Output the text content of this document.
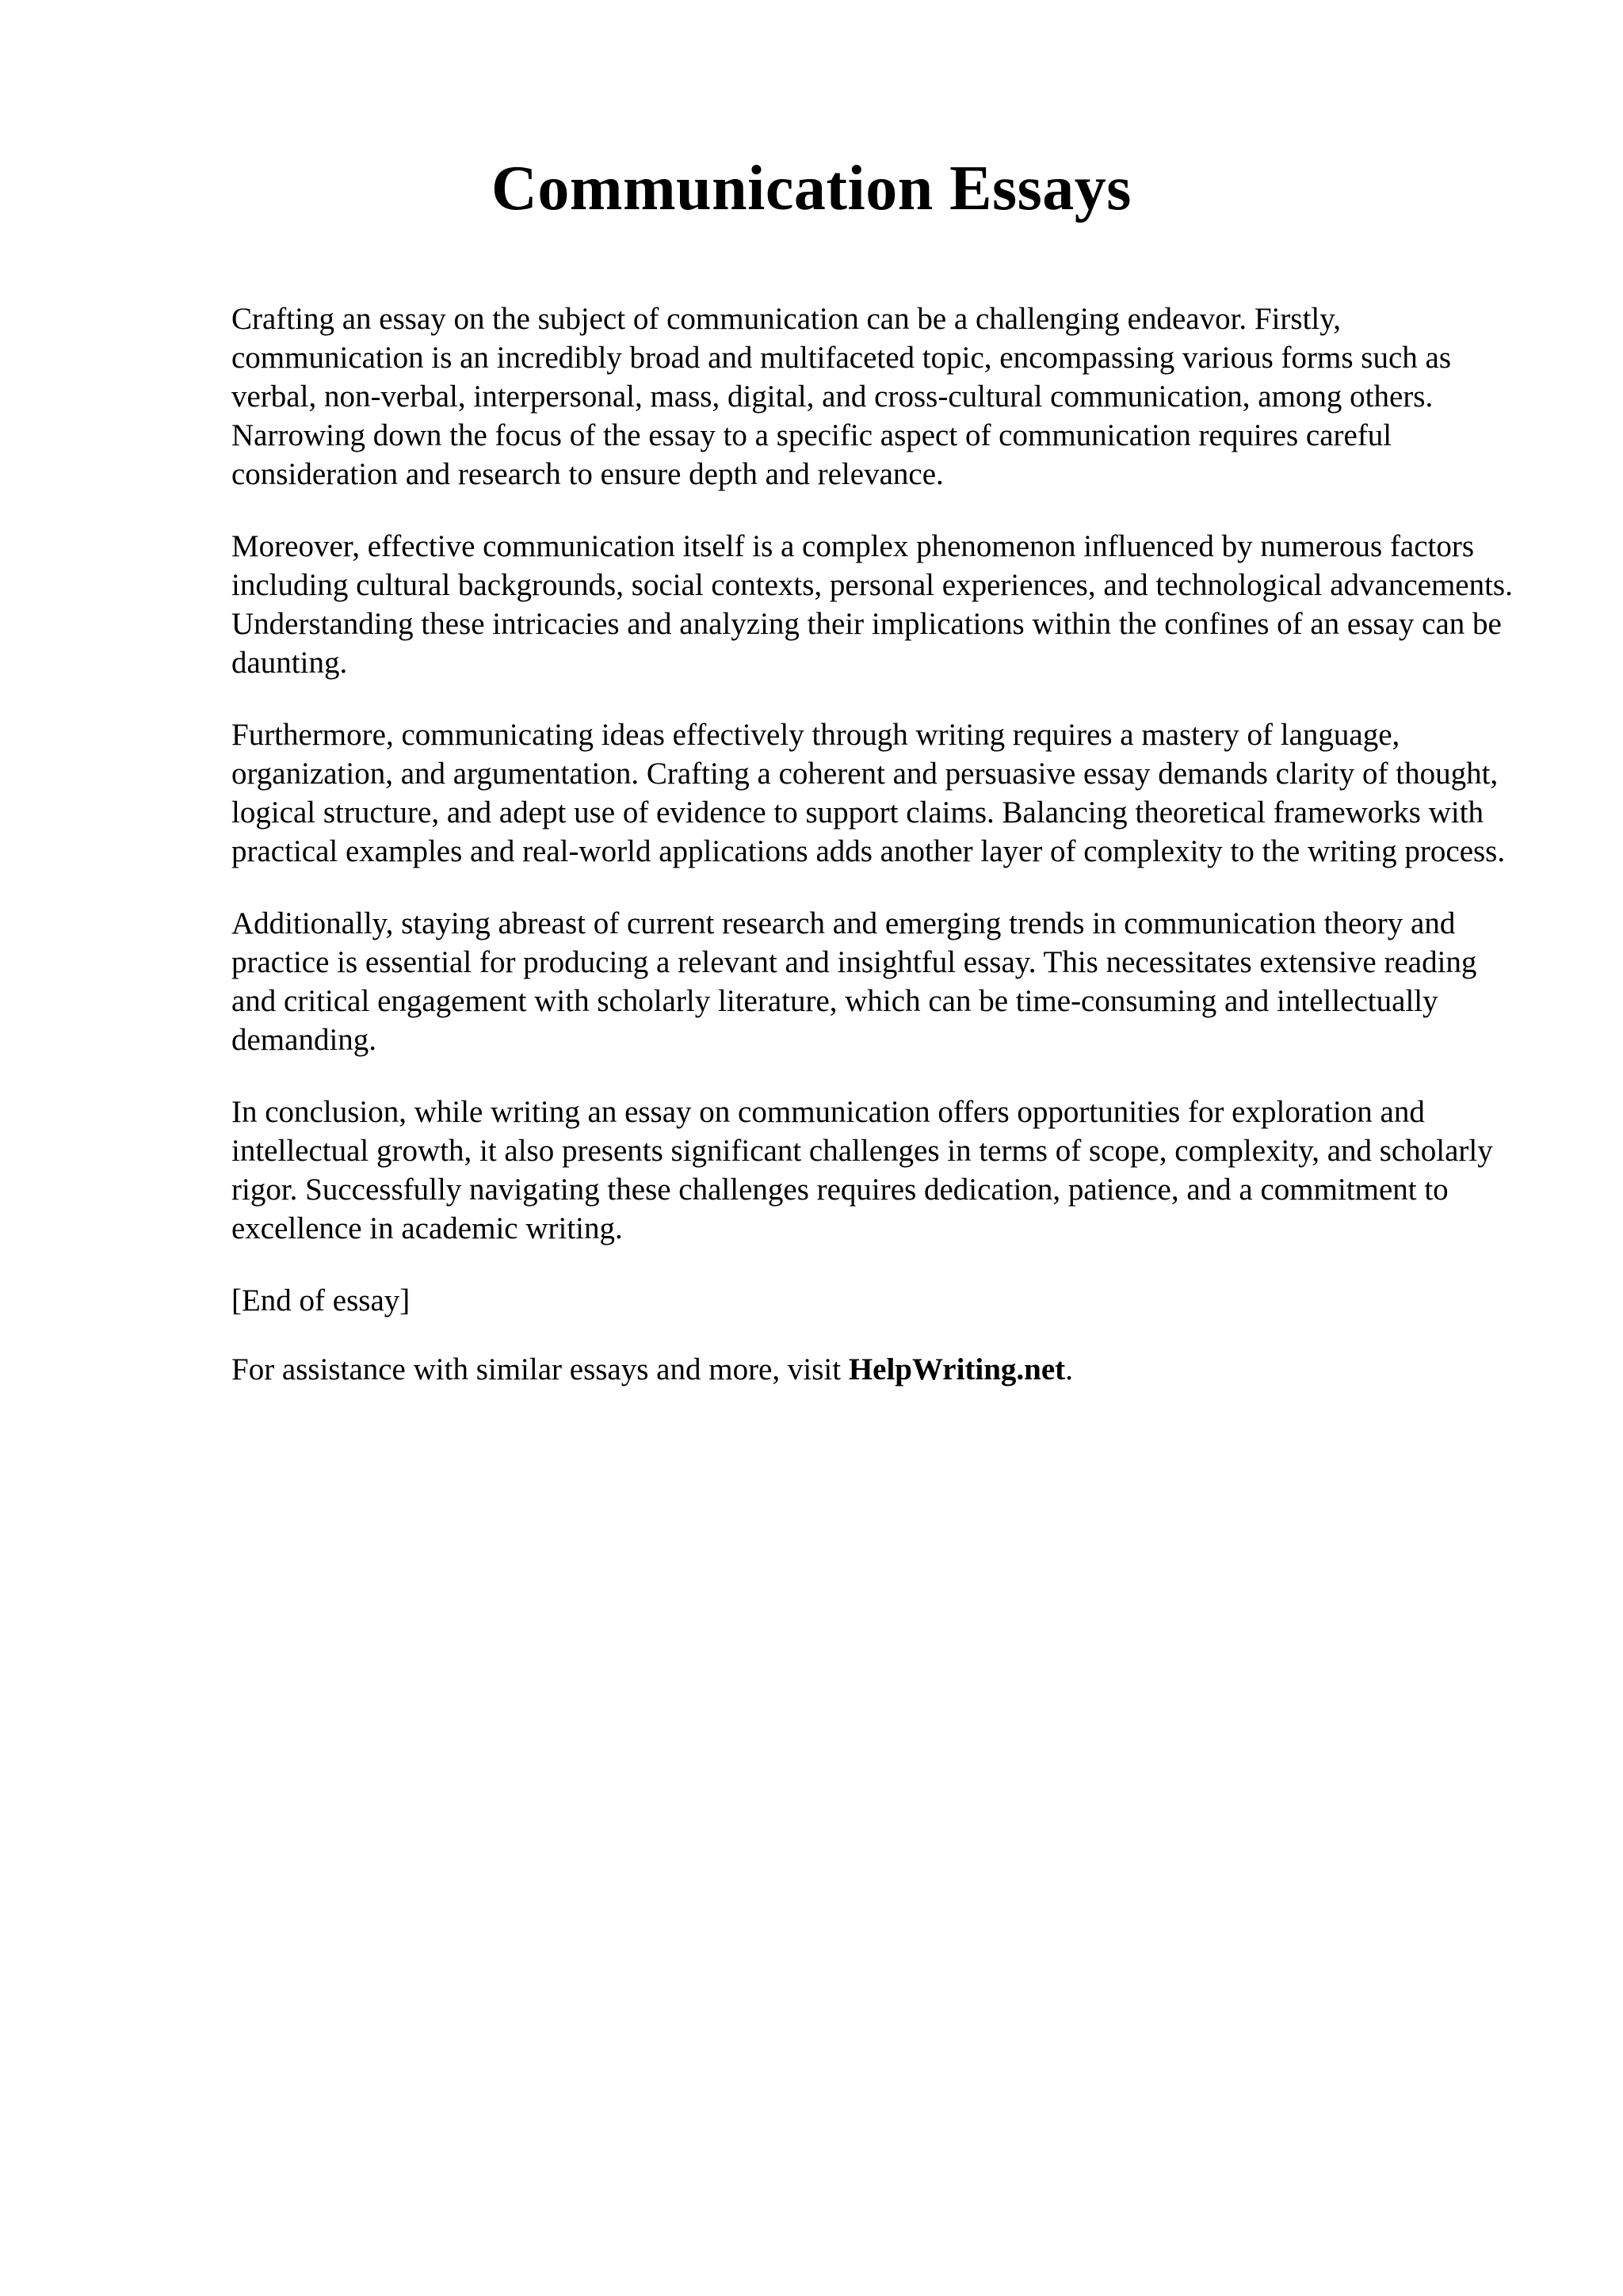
Communication Essays

Crafting an essay on the subject of communication can be a challenging endeavor. Firstly, communication is an incredibly broad and multifaceted topic, encompassing various forms such as verbal, non-verbal, interpersonal, mass, digital, and cross-cultural communication, among others. Narrowing down the focus of the essay to a specific aspect of communication requires careful consideration and research to ensure depth and relevance.

Moreover, effective communication itself is a complex phenomenon influenced by numerous factors including cultural backgrounds, social contexts, personal experiences, and technological advancements. Understanding these intricacies and analyzing their implications within the confines of an essay can be daunting.

Furthermore, communicating ideas effectively through writing requires a mastery of language, organization, and argumentation. Crafting a coherent and persuasive essay demands clarity of thought, logical structure, and adept use of evidence to support claims. Balancing theoretical frameworks with practical examples and real-world applications adds another layer of complexity to the writing process.

Additionally, staying abreast of current research and emerging trends in communication theory and practice is essential for producing a relevant and insightful essay. This necessitates extensive reading and critical engagement with scholarly literature, which can be time-consuming and intellectually demanding.

In conclusion, while writing an essay on communication offers opportunities for exploration and intellectual growth, it also presents significant challenges in terms of scope, complexity, and scholarly rigor. Successfully navigating these challenges requires dedication, patience, and a commitment to excellence in academic writing.

[End of essay]

For assistance with similar essays and more, visit HelpWriting.net.
